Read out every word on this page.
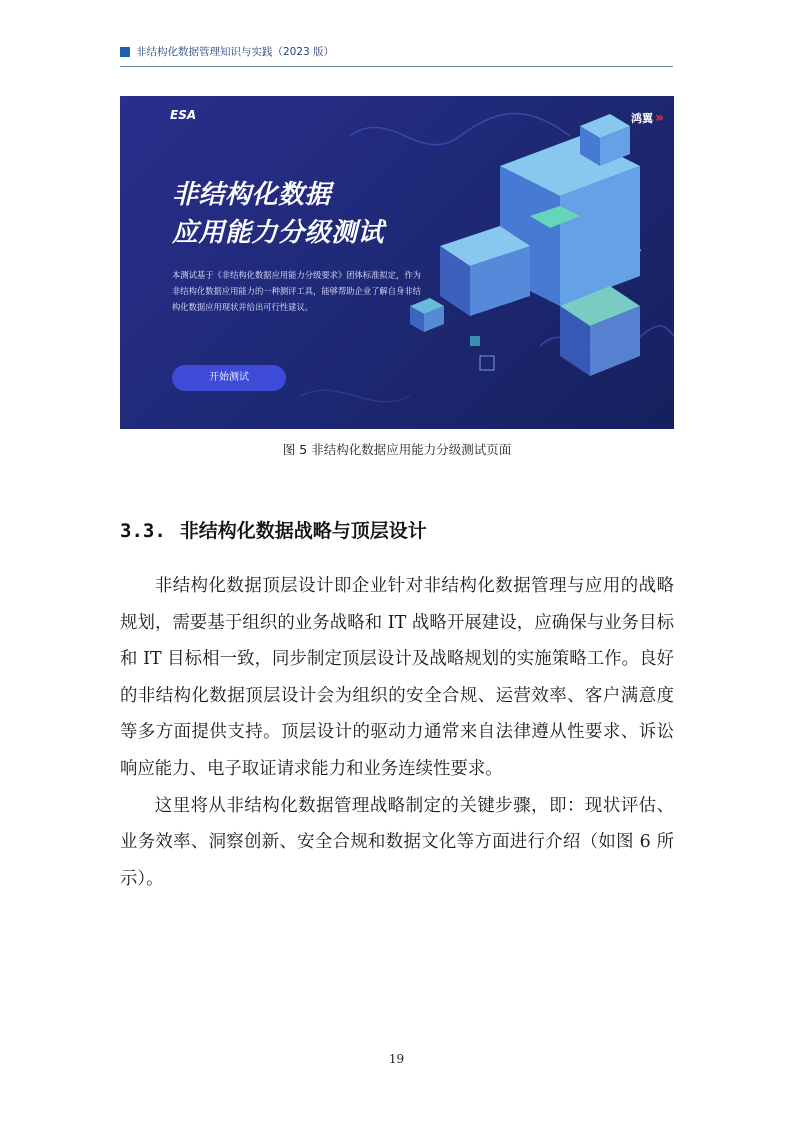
非结构化数据管理知识与实践（2023 版）
ESA	鸿翼 »
非结构化数据
应用能力分级测试
本测试基于《非结构化数据应用能力分级要求》团体标准拟定，作为非结构化数据应用能力的一种测评工具，能够帮助企业了解自身非结构化数据应用现状并给出可行性建议。
开始测试
图 5 非结构化数据应用能力分级测试页面
3.3. 非结构化数据战略与顶层设计

非结构化数据顶层设计即企业针对非结构化数据管理与应用的战略规划，需要基于组织的业务战略和 IT 战略开展建设，应确保与业务目标和 IT 目标相一致，同步制定顶层设计及战略规划的实施策略工作。良好的非结构化数据顶层设计会为组织的安全合规、运营效率、客户满意度等多方面提供支持。顶层设计的驱动力通常来自法律遵从性要求、诉讼响应能力、电子取证请求能力和业务连续性要求。

这里将从非结构化数据管理战略制定的关键步骤，即：现状评估、业务效率、洞察创新、安全合规和数据文化等方面进行介绍（如图 6 所示）。

19
